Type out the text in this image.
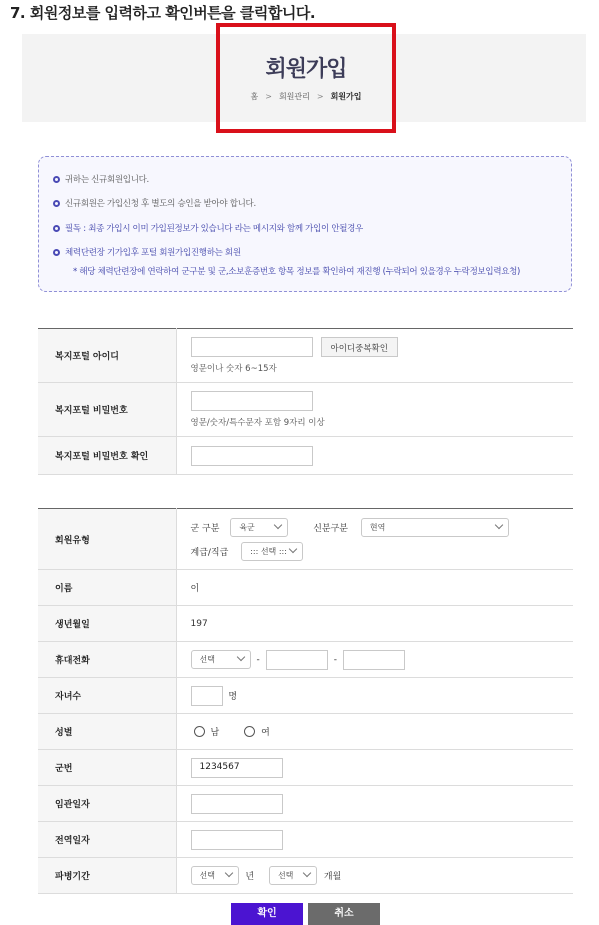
7. 회원정보를 입력하고 확인버튼을 클릭합니다.
회원가입
홈 > 회원관리 > 회원가입
귀하는 신규회원입니다.
신규회원은 가입신청 후 별도의 승인을 받아야 합니다.
필독 : 최종 가입시 이미 가입된정보가 있습니다 라는 메시지와 함께 가입이 안될경우
체력단련장 기가입후 포털 회원가입진행하는 회원
* 해당 체력단련장에 연락하여 군구분 및 군,소보훈증번호 항목 정보를 확인하여 재진행 (누락되어 있을경우 누락정보입력요청)
복지포털 아이디	아이디중복확인
영문이나 숫자 6~15자

복지포털 비밀번호	영문/숫자/특수문자 포함 9자리 이상

복지포털 비밀번호 확인	
회원유형	군 구분 육군 신분구분 현역
계급/직급 ::: 선택 :::

이름	이
생년월일	197
휴대전화	선택 - -
자녀수	명
성별	남 여
군번	1234567
임관일자	
전역일자	
파병기간	선택 년 선택 개월
확인	취소
